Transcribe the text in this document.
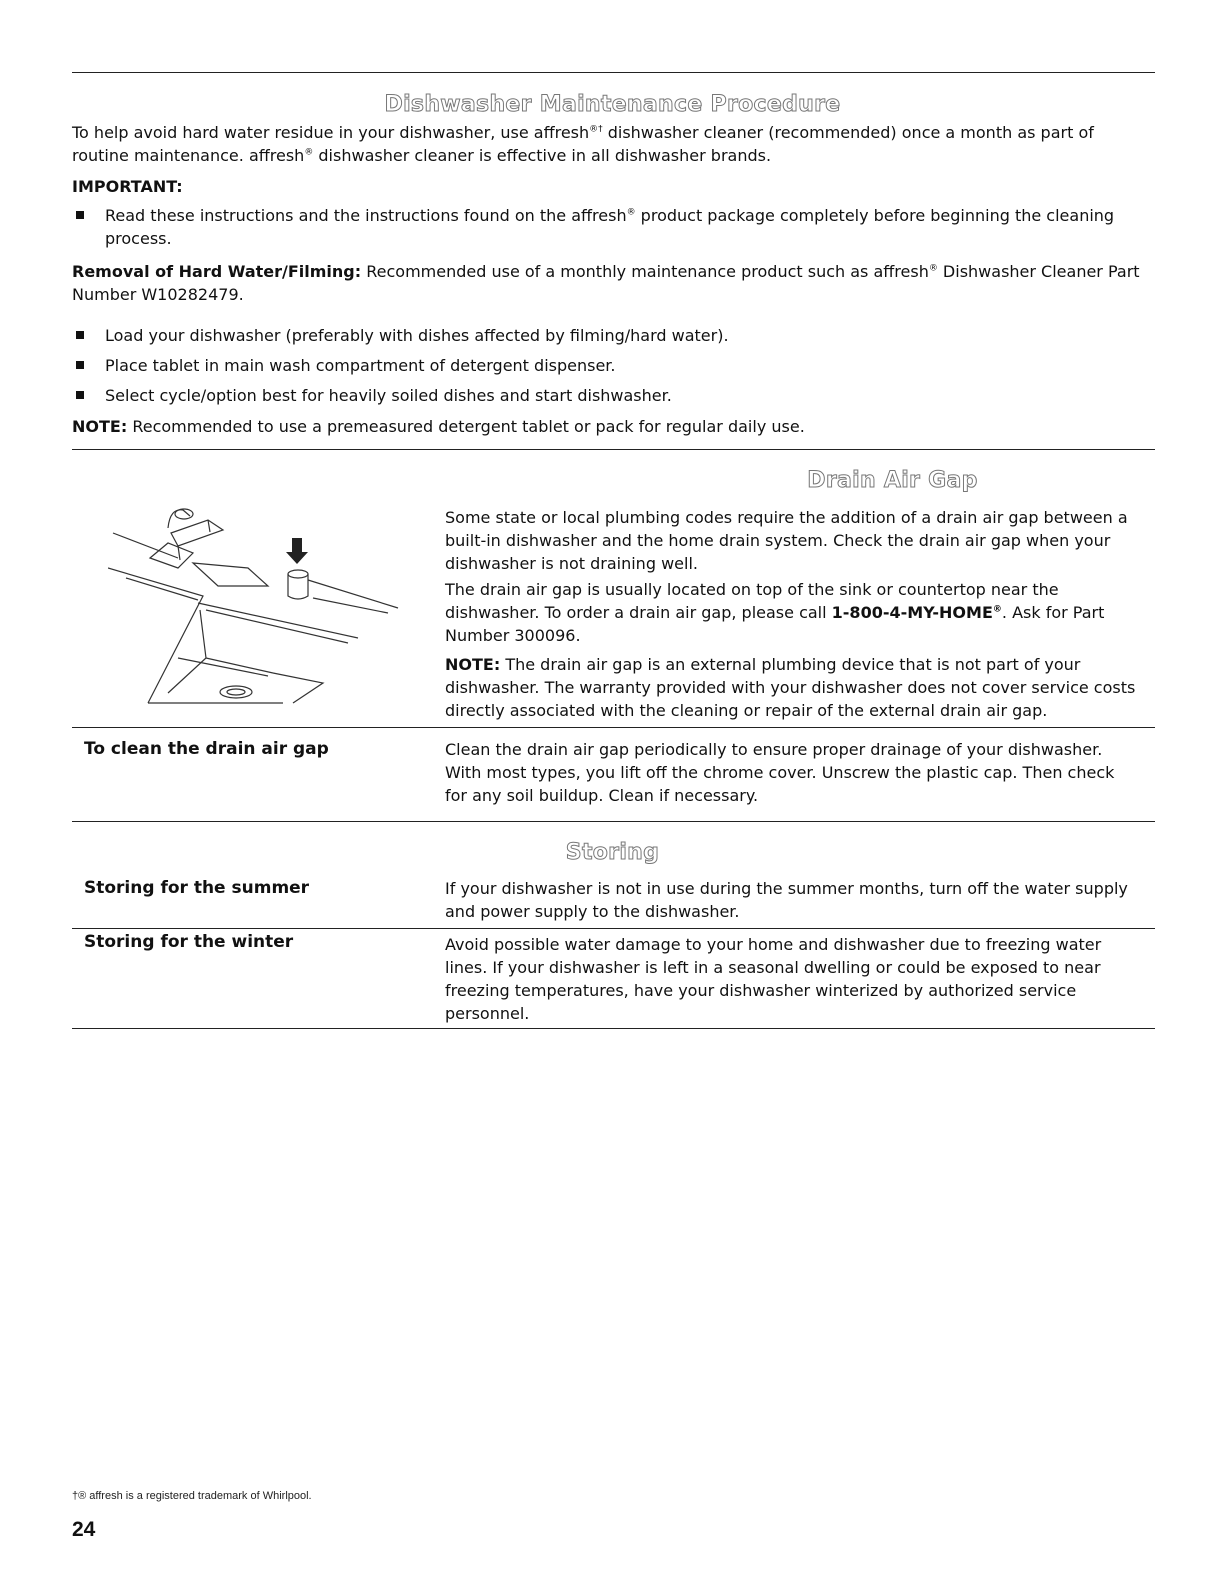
Dishwasher Maintenance Procedure
To help avoid hard water residue in your dishwasher, use affresh®† dishwasher cleaner (recommended) once a month as part of routine maintenance. affresh® dishwasher cleaner is effective in all dishwasher brands.
IMPORTANT:
Read these instructions and the instructions found on the affresh® product package completely before beginning the cleaning process.
Removal of Hard Water/Filming: Recommended use of a monthly maintenance product such as affresh® Dishwasher Cleaner Part Number W10282479.
Load your dishwasher (preferably with dishes affected by filming/hard water).
Place tablet in main wash compartment of detergent dispenser.
Select cycle/option best for heavily soiled dishes and start dishwasher.
NOTE: Recommended to use a premeasured detergent tablet or pack for regular daily use.
Drain Air Gap
Some state or local plumbing codes require the addition of a drain air gap between a built-in dishwasher and the home drain system. Check the drain air gap when your dishwasher is not draining well.
The drain air gap is usually located on top of the sink or countertop near the dishwasher. To order a drain air gap, please call 1-800-4-MY-HOME®. Ask for Part Number 300096.
NOTE: The drain air gap is an external plumbing device that is not part of your dishwasher. The warranty provided with your dishwasher does not cover service costs directly associated with the cleaning or repair of the external drain air gap.
To clean the drain air gap	Clean the drain air gap periodically to ensure proper drainage of your dishwasher. With most types, you lift off the chrome cover. Unscrew the plastic cap. Then check for any soil buildup. Clean if necessary.
Storing
Storing for the summer	If your dishwasher is not in use during the summer months, turn off the water supply and power supply to the dishwasher.
Storing for the winter	Avoid possible water damage to your home and dishwasher due to freezing water lines. If your dishwasher is left in a seasonal dwelling or could be exposed to near freezing temperatures, have your dishwasher winterized by authorized service personnel.
†® affresh is a registered trademark of Whirlpool.
24
